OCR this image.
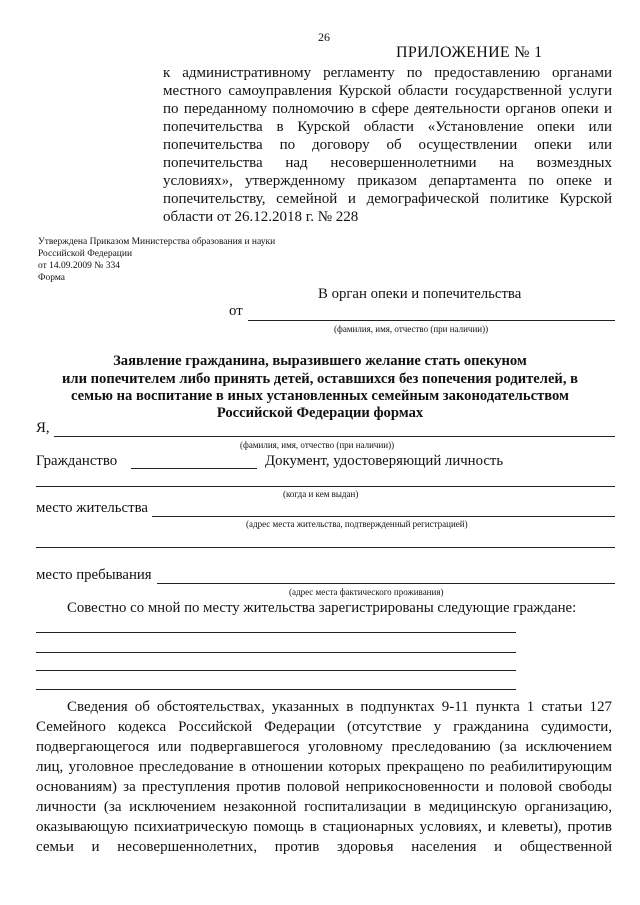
26
ПРИЛОЖЕНИЕ № 1
к административному регламенту по предоставлению органами
местного самоуправления Курской области государственной услуги
по переданному полномочию в сфере деятельности органов опеки и
попечительства в Курской области «Установление опеки или
попечительства по договору об осуществлении опеки или
попечительства над несовершеннолетними на возмездных
условиях», утвержденному приказом департамента по опеке и
попечительству, семейной и демографической политике Курской
области от 26.12.2018 г. № 228
Утверждена Приказом Министерства образования и науки
Российской Федерации
от 14.09.2009 № 334
Форма
В орган опеки и попечительства
от
(фамилия, имя, отчество (при наличии))
Заявление гражданина, выразившего желание стать опекуном
или попечителем либо принять детей, оставшихся без попечения родителей, в
семью на воспитание в иных установленных семейным законодательством
Российской Федерации формах
Я,
(фамилия, имя, отчество (при наличии))
Гражданство	Документ, удостоверяющий личность
(когда и кем выдан)
место жительства
(адрес места жительства, подтвержденный регистрацией)
место пребывания
(адрес места фактического проживания)
Совестно со мной по месту жительства зарегистрированы следующие граждане:
Сведения об обстоятельствах, указанных в подпунктах 9-11 пункта 1 статьи 127
Семейного кодекса Российской Федерации (отсутствие у гражданина судимости,
подвергающегося или подвергавшегося уголовному преследованию (за исключением
лиц, уголовное преследование в отношении которых прекращено по реабилитирующим
основаниям) за преступления против половой неприкосновенности и половой свободы
личности (за исключением незаконной госпитализации в медицинскую организацию,
оказывающую психиатрическую помощь в стационарных условиях, и клеветы), против
семьи и несовершеннолетних, против здоровья населения и общественной
